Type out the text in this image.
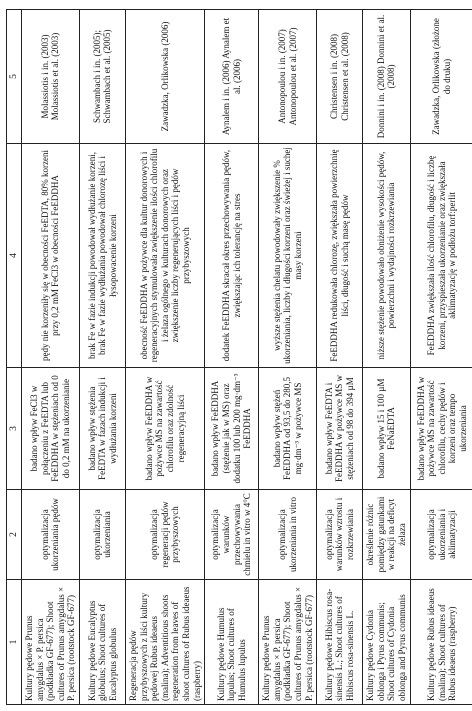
1	2	3	4	5
Kultury pędowe Prunus amygdalus × P. persica (podkładka GF-677); Shoot cultures of Prunus amygdalus × P. persica (rootstock GF-677)	optymalizacja ukorzeniania pędów	badano wpływ FeCl3 w połączeniu z FeEDTA lub FeEDDHA w stężeniach od 0 do 0,2 mM na ukorzenianie	pędy nie korzeniły się w obecności FeEDTA, 80% korzeni przy 0,2 mM FeCl3 w obecności FeEDDHA	Molassiotis i in. (2003) Molassiotis et al. (2003)
Kultury pędowe Eucalyptus globulus; Shoot cultures of Eucalyptus globulus	optymalizacja ukorzeniania	badano wpływ stężenia FeEDTA w fazach indukcji i wydłużania korzeni	brak Fe w fazie indukcji powodował wydłużanie korzeni, brak Fe w fazie wydłużania powodował chlorozę liści i łysopowacenie korzeni	Schwambach i in. (2005); Schwambach et al. (2005)
Regeneracja pędów przybyszowych z liści kultury pędowej Rubus ideaeus (malina); Adventitious shoots regeneration from leaves of shoot cultures of Rubus ideaeus (raspberry)	optymalizacja regeneracji pędów przybyszowych	badano wpływ FeEDDHA w pożywce MS na zawartość chlorofilu oraz zdolność regeneracyjną liści	obecność FeEDDHA w pożywce dla kultur donorowych i regeneracyjnych stymulowała zwiększenie ilości chlorofilu i żelaza ogólnego w kulturach donorowych oraz zwiększenie liczby regenerujących liści i pędów przybyszowych	Zawadzka, Orlikowska (2006)
Kultury pędowe Humulus lupulus; Shoot cultures of Humulus lupulus	optymalizacja warunków przechowywania chmielu in vitro w 4°C	badano wpływ FeEDDHA (stężenie jak w MS) oraz dodatku 100 lub 200 mg·dm⁻³ FeEDDHA	dodatek FeEDDHA skracał okres przechowywania pędów, zwiększając ich tolerancję na stres	Aynalem i in. (2006) Aynalem et al. (2006)
Kultury pędowe Prunus amygdalus × P. persica (podkładka GF-677); Shoot cultures of Prunus amygdalus × P. persica (rootstock GF-677)	optymalizacja ukorzeniania in vitro	badano wpływ stężeń FeEDDHA od 93,5 do 280,5 mg·dm⁻³ w pożywce MS	wyższe stężenia chelatu powodowały zwiększenie % ukorzeniania, liczby i długości korzeni oraz świeżej i suchej masy korzeni	Antonopoulou i in. (2007) Antonopoulou et al. (2007)
Kultury pędowe Hibiscus rosa-sinensis L.; Shoot cultures of Hibiscus rosa-sinensis L.	optymalizacja warunków wzrostu i rozkrzewiania	badano wpływ FeEDTA i FeEDDHA w pożywce MS w stężeniach od 98 do 394 µM	FeEDDHA redukowała chlorozę, zwiększała powierzchnię liści, długość i suchą masę pędów	Christensen i in. (2008) Christensen et al. (2008)
Kultury pędowe Cydonia oblonga i Pyrus communis; Shoot cultures of Cydonia oblonga and Pyrus communis	określenie różnic pomiędzy gatunkami w reakcji na deficyt żelaza	badano wpływ 15 i 100 µM FeNaEDTA	niższe stężenie powodowało obniżenie wysokości pędów, powierzchni i wydajności rozkrzewiania	Donnini i in. (2008) Donnini et al. (2008)
Kultury pędowe Rubus ideaeus (malina); Shoot cultures of Rubus ideaeus (raspberry)	optymalizacja ukorzeniania i aklimatyzacji	badano wpływ FeEDDHA w pożywce MS na zawartość chlorofilu, cechy pędów i korzeni oraz tempo ukorzeniania	FeEDDHA zwiększała ilość chlorofilu, długość i liczbę korzeni, przyspieszała ukorzenianie oraz zwiększała aklimatyzację w podłożu torf:perlit	Zawadzka, Orlikowska (złożone do druku)
